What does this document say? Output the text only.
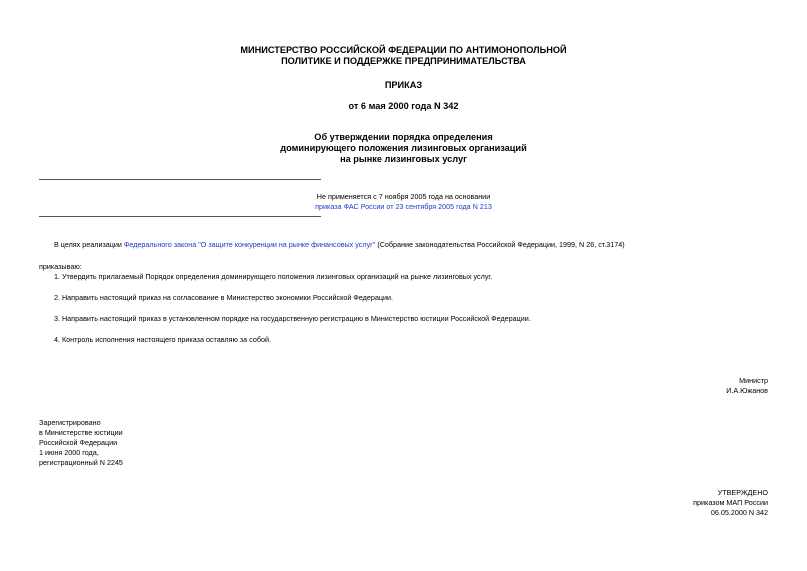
МИНИСТЕРСТВО РОССИЙСКОЙ ФЕДЕРАЦИИ ПО АНТИМОНОПОЛЬНОЙ
ПОЛИТИКЕ И ПОДДЕРЖКЕ ПРЕДПРИНИМАТЕЛЬСТВА
ПРИКАЗ
от 6 мая 2000 года N 342
Об утверждении порядка определения
доминирующего положения лизинговых организаций
на рынке лизинговых услуг
Не применяется с 7 ноября 2005 года на основании
приказа ФАС России от 23 сентября 2005 года N 213
В целях реализации Федерального закона "О защите конкуренции на рынке финансовых услуг" (Собрание законодательства Российской Федерации, 1999, N 26, ст.3174)
приказываю:
1. Утвердить прилагаемый Порядок определения доминирующего положения лизинговых организаций на рынке лизинговых услуг.
2. Направить настоящий приказ на согласование в Министерство экономики Российской Федерации.
3. Направить настоящий приказ в установленном порядке на государственную регистрацию в Министерство юстиции Российской Федерации.
4. Контроль исполнения настоящего приказа оставляю за собой.
Министр
И.А.Южанов
Зарегистрировано
в Министерстве юстиции
Российской Федерации
1 июня 2000 года,
регистрационный N 2245
УТВЕРЖДЕНО
приказом МАП России
06.05.2000 N 342
